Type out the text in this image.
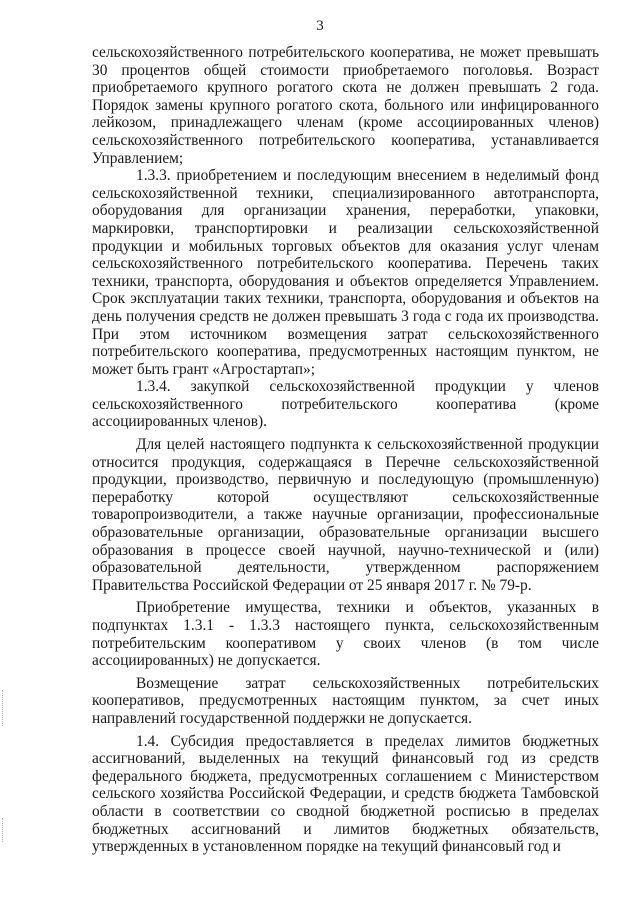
3

сельскохозяйственного потребительского кооператива, не может превышать 30 процентов общей стоимости приобретаемого поголовья. Возраст приобретаемого крупного рогатого скота не должен превышать 2 года. Порядок замены крупного рогатого скота, больного или инфицированного лейкозом, принадлежащего членам (кроме ассоциированных членов) сельскохозяйственного потребительского кооператива, устанавливается Управлением;

1.3.3. приобретением и последующим внесением в неделимый фонд сельскохозяйственной техники, специализированного автотранспорта, оборудования для организации хранения, переработки, упаковки, маркировки, транспортировки и реализации сельскохозяйственной продукции и мобильных торговых объектов для оказания услуг членам сельскохозяйственного потребительского кооператива. Перечень таких техники, транспорта, оборудования и объектов определяется Управлением. Срок эксплуатации таких техники, транспорта, оборудования и объектов на день получения средств не должен превышать 3 года с года их производства. При этом источником возмещения затрат сельскохозяйственного потребительского кооператива, предусмотренных настоящим пунктом, не может быть грант «Агростартап»;

1.3.4. закупкой сельскохозяйственной продукции у членов сельскохозяйственного потребительского кооператива (кроме ассоциированных членов).

Для целей настоящего подпункта к сельскохозяйственной продукции относится продукция, содержащаяся в Перечне сельскохозяйственной продукции, производство, первичную и последующую (промышленную) переработку которой осуществляют сельскохозяйственные товаропроизводители, а также научные организации, профессиональные образовательные организации, образовательные организации высшего образования в процессе своей научной, научно-технической и (или) образовательной деятельности, утвержденном распоряжением Правительства Российской Федерации от 25 января 2017 г. № 79-р.

Приобретение имущества, техники и объектов, указанных в подпунктах 1.3.1 - 1.3.3 настоящего пункта, сельскохозяйственным потребительским кооперативом у своих членов (в том числе ассоциированных) не допускается.

Возмещение затрат сельскохозяйственных потребительских кооперативов, предусмотренных настоящим пунктом, за счет иных направлений государственной поддержки не допускается.

1.4. Субсидия предоставляется в пределах лимитов бюджетных ассигнований, выделенных на текущий финансовый год из средств федерального бюджета, предусмотренных соглашением с Министерством сельского хозяйства Российской Федерации, и средств бюджета Тамбовской области в соответствии со сводной бюджетной росписью в пределах бюджетных ассигнований и лимитов бюджетных обязательств, утвержденных в установленном порядке на текущий финансовый год и
